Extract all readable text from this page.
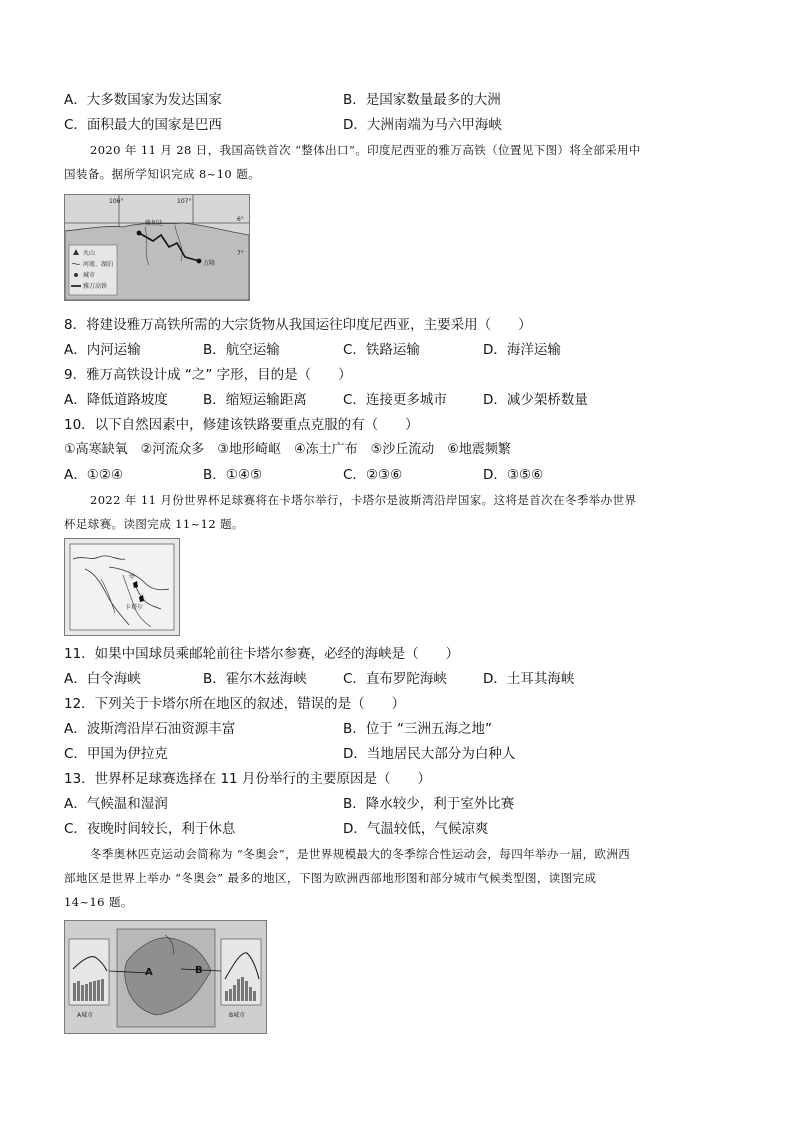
A．大多数国家为发达国家	B．是国家数量最多的大洲
C．面积最大的国家是巴西	D．大洲南端为马六甲海峡
2020 年 11 月 28 日，我国高铁首次 “整体出口”。印度尼西亚的雅万高铁（位置见下图）将全部采用中
国装备。据所学知识完成 8~10 题。
106°	107°
6°
7°
雅加达
万隆
火山
河流、湖泊
城市
雅万高铁
8．将建设雅万高铁所需的大宗货物从我国运往印度尼西亚，主要采用（　　）
A．内河运输	B．航空运输	C．铁路运输	D．海洋运输
9．雅万高铁设计成 “之” 字形，目的是（　　）
A．降低道路坡度	B．缩短运输距离	C．连接更多城市	D．减少架桥数量
10．以下自然因素中，修建该铁路要重点克服的有（　　）
①高寒缺氧　②河流众多　③地形崎岖　④冻土广布　⑤沙丘流动　⑥地震频繁
A．①②④	B．①④⑤	C．②③⑥	D．③⑤⑥
2022 年 11 月份世界杯足球赛将在卡塔尔举行，卡塔尔是波斯湾沿岸国家。这将是首次在冬季举办世界
杯足球赛。读图完成 11~12 题。
甲
卡塔尔
11．如果中国球员乘邮轮前往卡塔尔参赛，必经的海峡是（　　）
A．白令海峡	B．霍尔木兹海峡	C．直布罗陀海峡	D．土耳其海峡
12．下列关于卡塔尔所在地区的叙述，错误的是（　　）
A．波斯湾沿岸石油资源丰富	B．位于 “三洲五海之地”
C．甲国为伊拉克	D．当地居民大部分为白种人
13．世界杯足球赛选择在 11 月份举行的主要原因是（　　）
A．气候温和湿润	B．降水较少，利于室外比赛
C．夜晚时间较长，利于休息	D．气温较低，气候凉爽
冬季奥林匹克运动会简称为 “冬奥会”，是世界规模最大的冬季综合性运动会，每四年举办一届，欧洲西
部地区是世界上举办 “冬奥会” 最多的地区，下图为欧洲西部地形图和部分城市气候类型图，读图完成
14~16 题。
A城市	B城市
A	B
